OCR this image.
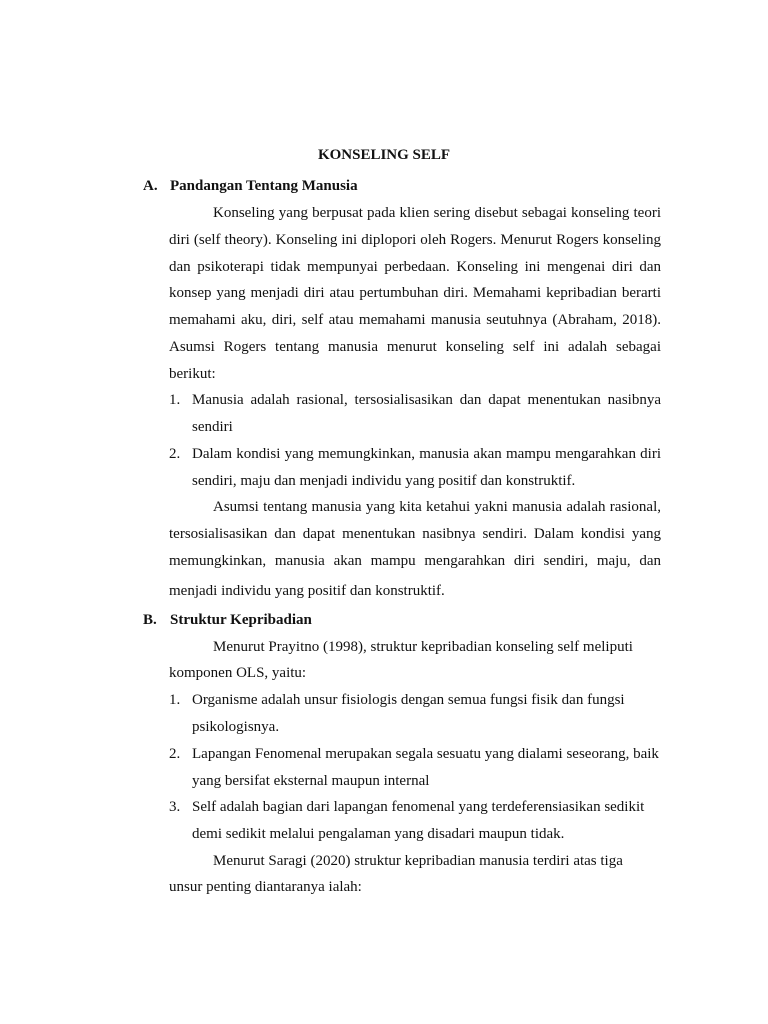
KONSELING SELF
A. Pandangan Tentang Manusia
Konseling yang berpusat pada klien sering disebut sebagai konseling teori
diri (self theory). Konseling ini diplopori oleh Rogers. Menurut Rogers konseling
dan psikoterapi tidak mempunyai perbedaan. Konseling ini mengenai diri dan
konsep yang menjadi diri atau pertumbuhan diri. Memahami kepribadian berarti
memahami aku, diri, self atau memahami manusia seutuhnya (Abraham, 2018).
Asumsi Rogers tentang manusia menurut konseling self ini adalah sebagai
berikut:
1. Manusia adalah rasional, tersosialisasikan dan dapat menentukan nasibnya
sendiri
2. Dalam kondisi yang memungkinkan, manusia akan mampu mengarahkan diri
sendiri, maju dan menjadi individu yang positif dan konstruktif.
Asumsi tentang manusia yang kita ketahui yakni manusia adalah rasional,
tersosialisasikan dan dapat menentukan nasibnya sendiri. Dalam kondisi yang
memungkinkan, manusia akan mampu mengarahkan diri sendiri, maju, dan
menjadi individu yang positif dan konstruktif.
B. Struktur Kepribadian
Menurut Prayitno (1998), struktur kepribadian konseling self meliputi
komponen OLS, yaitu:
1. Organisme adalah unsur fisiologis dengan semua fungsi fisik dan fungsi
psikologisnya.
2. Lapangan Fenomenal merupakan segala sesuatu yang dialami seseorang, baik
yang bersifat eksternal maupun internal
3. Self adalah bagian dari lapangan fenomenal yang terdeferensiasikan sedikit
demi sedikit melalui pengalaman yang disadari maupun tidak.
Menurut Saragi (2020) struktur kepribadian manusia terdiri atas tiga
unsur penting diantaranya ialah:
